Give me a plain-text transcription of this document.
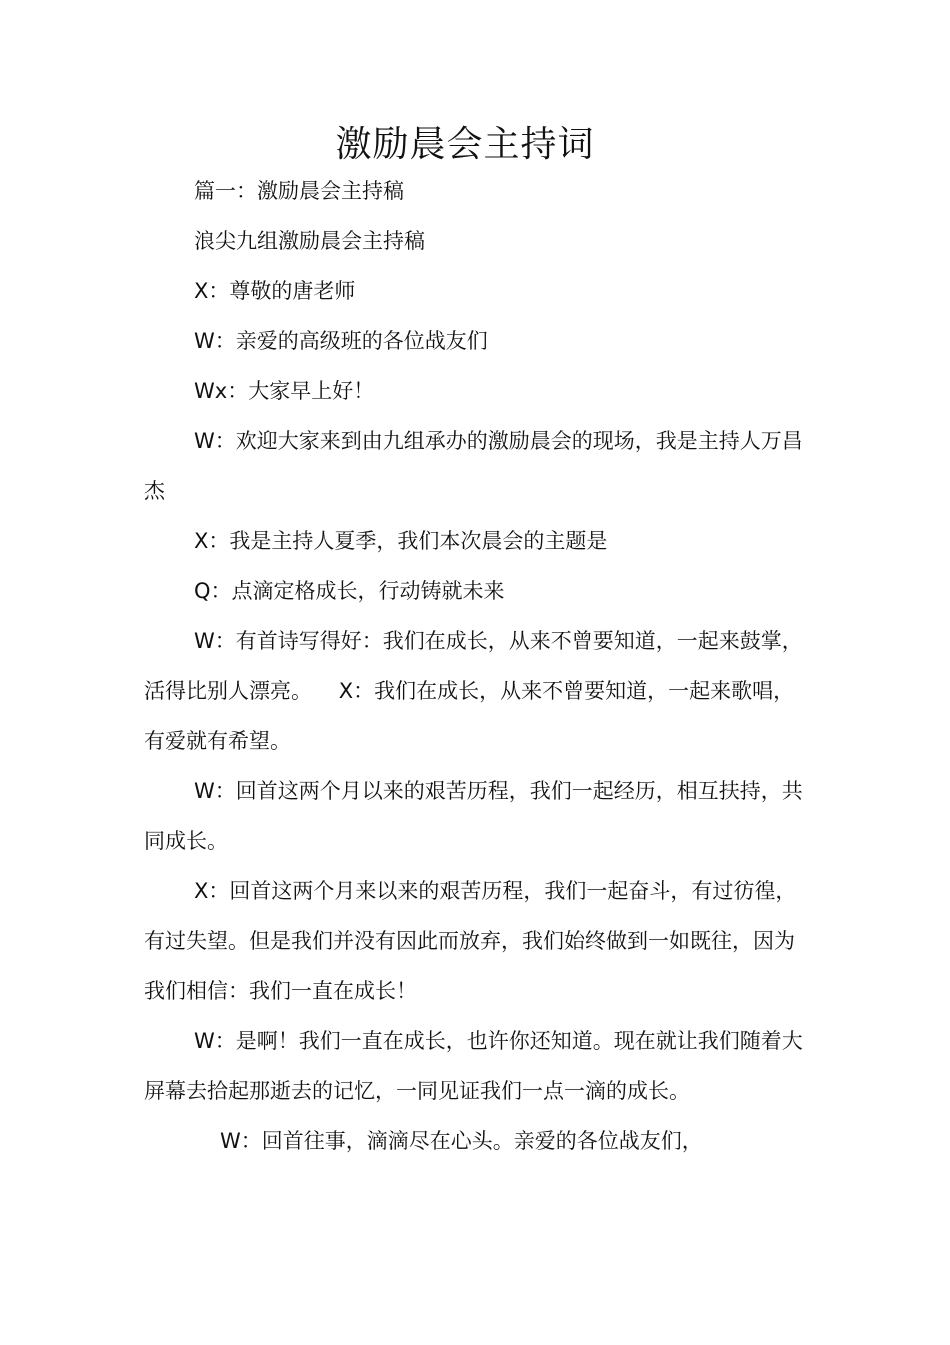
激励晨会主持词

篇一：激励晨会主持稿

浪尖九组激励晨会主持稿

X：尊敬的唐老师

W：亲爱的高级班的各位战友们

Wx：大家早上好！

W：欢迎大家来到由九组承办的激励晨会的现场，我是主持人万昌杰

X：我是主持人夏季，我们本次晨会的主题是

Q：点滴定格成长，行动铸就未来

W：有首诗写得好：我们在成长，从来不曾要知道，一起来鼓掌，活得比别人漂亮。    X：我们在成长，从来不曾要知道，一起来歌唱，有爱就有希望。

W：回首这两个月以来的艰苦历程，我们一起经历，相互扶持，共同成长。

X：回首这两个月来以来的艰苦历程，我们一起奋斗，有过彷徨，有过失望。但是我们并没有因此而放弃，我们始终做到一如既往，因为我们相信：我们一直在成长！

W：是啊！我们一直在成长，也许你还知道。现在就让我们随着大屏幕去拾起那逝去的记忆，一同见证我们一点一滴的成长。

W：回首往事，滴滴尽在心头。亲爱的各位战友们，
